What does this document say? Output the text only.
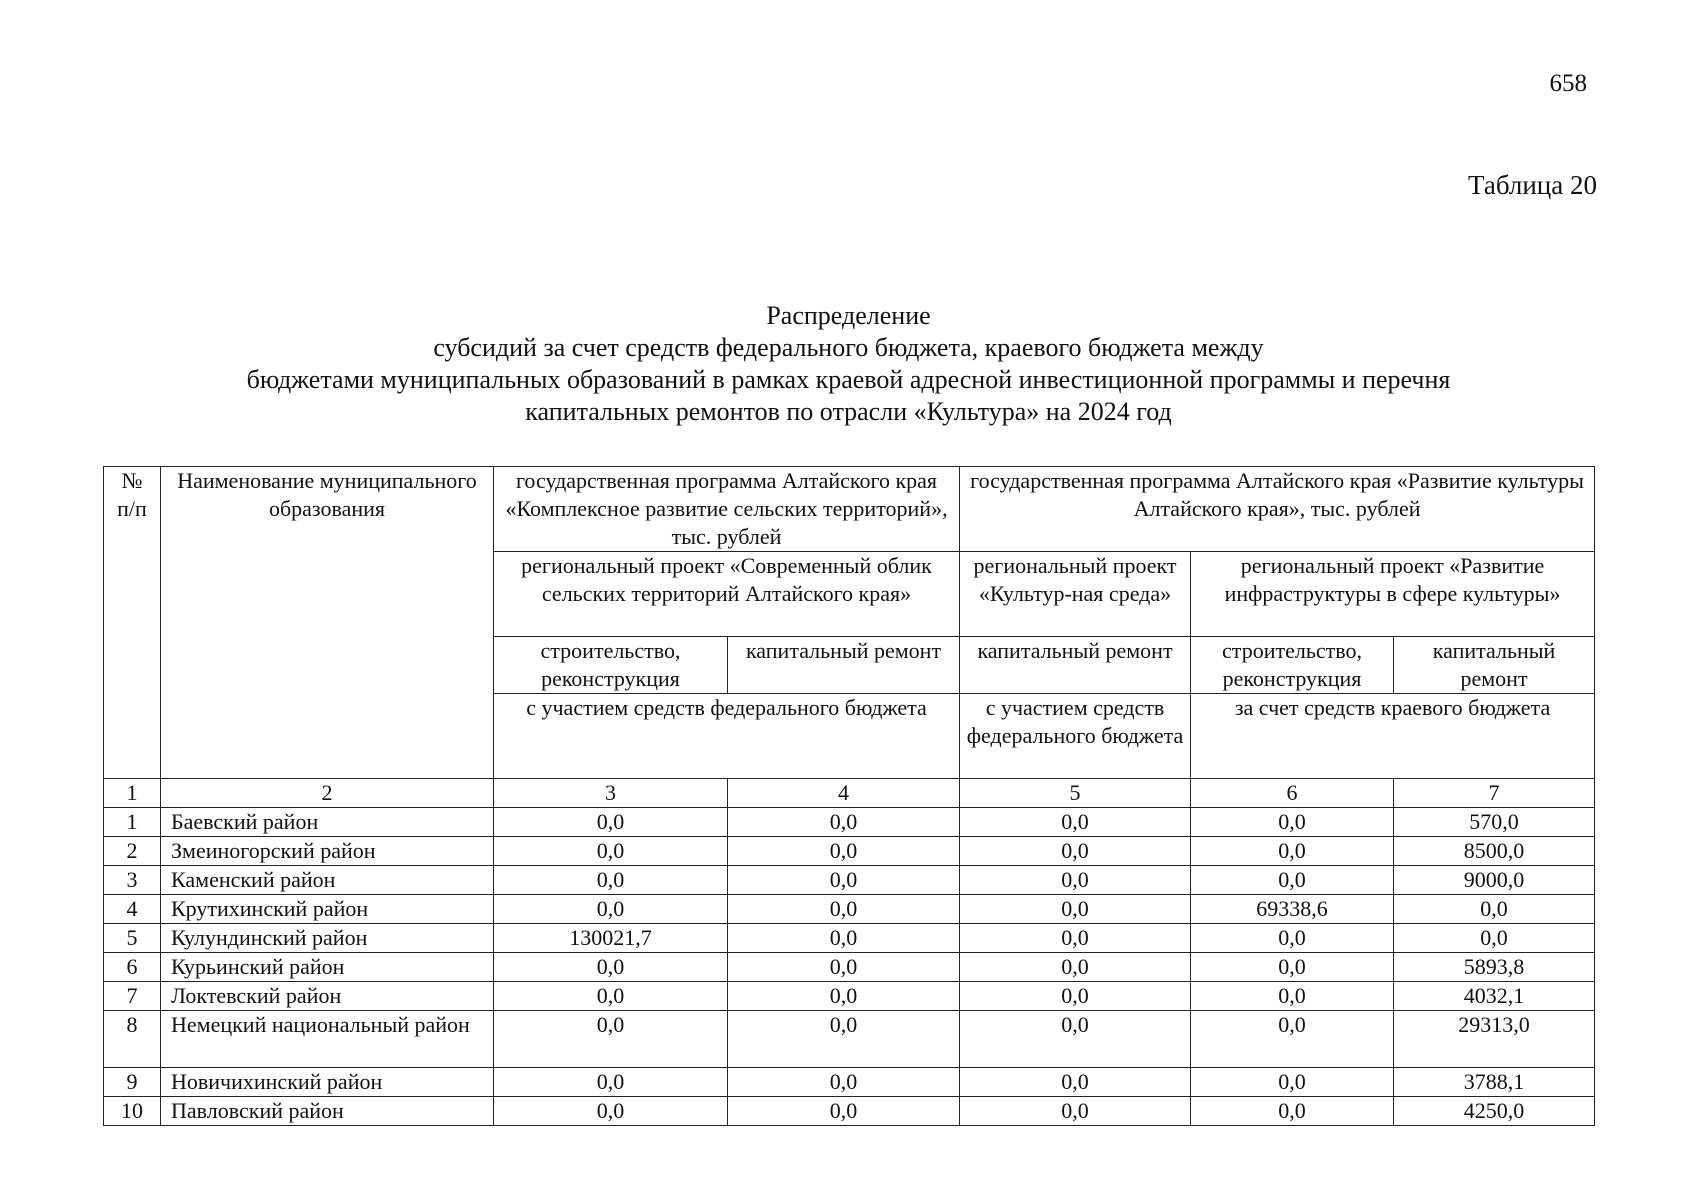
658
Таблица 20
Распределение
субсидий за счет средств федерального бюджета, краевого бюджета между
бюджетами муниципальных образований в рамках краевой адресной инвестиционной программы и перечня
капитальных ремонтов по отрасли «Культура» на 2024 год
№ п/п	Наименование муниципального образования	государственная программа Алтайского края «Комплексное развитие сельских территорий», тыс. рублей		государственная программа Алтайского края «Развитие культуры Алтайского края», тыс. рублей		
		региональный проект «Современный облик сельских территорий Алтайского края»		региональный проект «Культур-ная среда»	региональный проект «Развитие инфраструктуры в сфере культуры»	
		строительство, реконструкция	капитальный ремонт	капитальный ремонт	строительство, реконструкция	капитальный ремонт
		с участием средств федерального бюджета		с участием средств федерального бюджета	за счет средств краевого бюджета	
1	2	3	4	5	6	7
1	Баевский район	0,0	0,0	0,0	0,0	570,0
2	Змеиногорский район	0,0	0,0	0,0	0,0	8500,0
3	Каменский район	0,0	0,0	0,0	0,0	9000,0
4	Крутихинский район	0,0	0,0	0,0	69338,6	0,0
5	Кулундинский район	130021,7	0,0	0,0	0,0	0,0
6	Курьинский район	0,0	0,0	0,0	0,0	5893,8
7	Локтевский район	0,0	0,0	0,0	0,0	4032,1
8	Немецкий национальный район	0,0	0,0	0,0	0,0	29313,0
9	Новичихинский район	0,0	0,0	0,0	0,0	3788,1
10	Павловский район	0,0	0,0	0,0	0,0	4250,0
